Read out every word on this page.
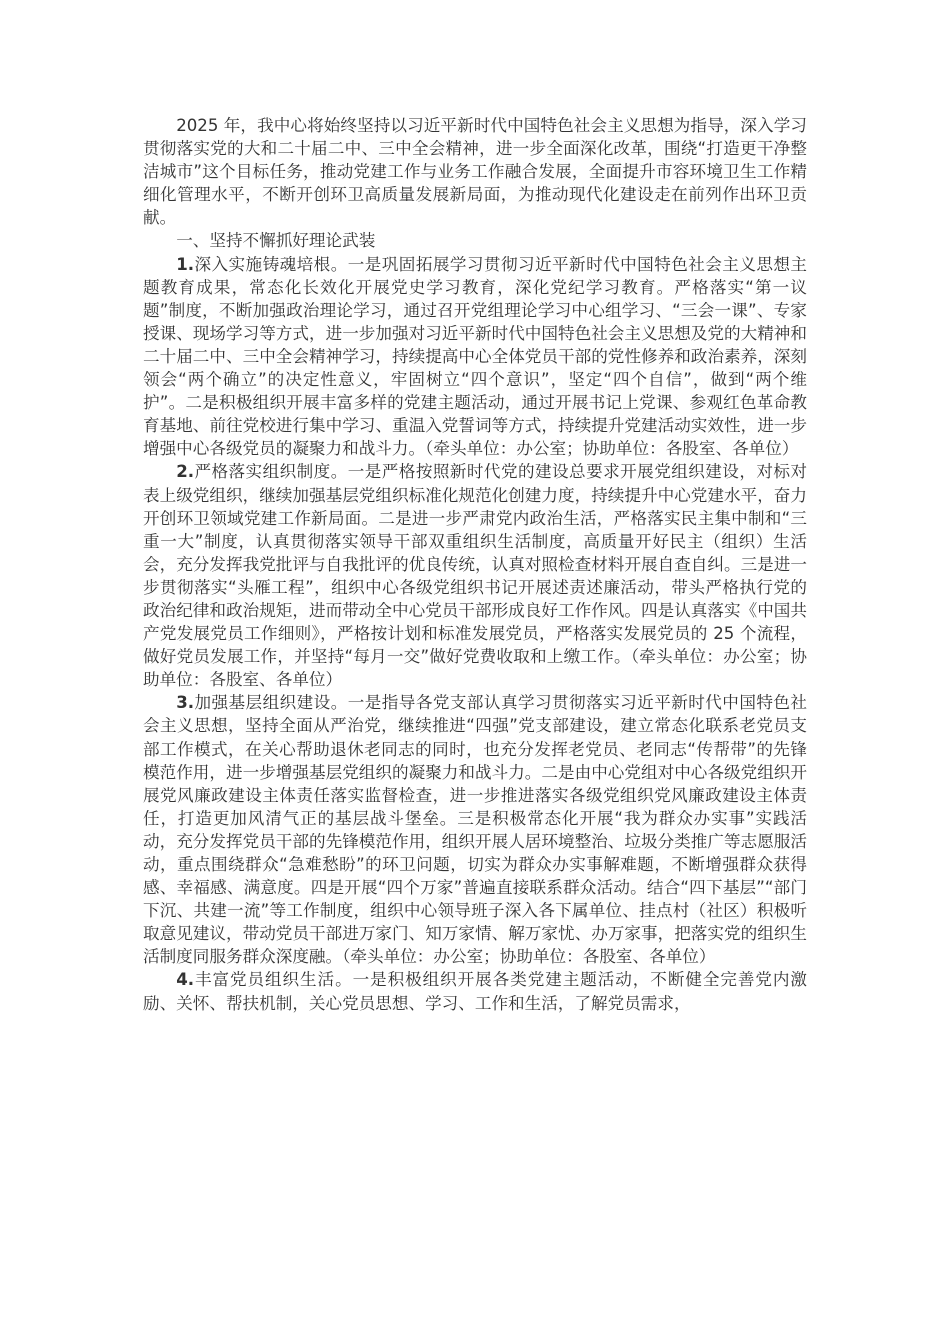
2025 年，我中心将始终坚持以习近平新时代中国特色社会主义思想为指导，深入学习贯彻落实党的大和二十届二中、三中全会精神，进一步全面深化改革，围绕“打造更干净整洁城市”这个目标任务，推动党建工作与业务工作融合发展，全面提升市容环境卫生工作精细化管理水平，不断开创环卫高质量发展新局面，为推动现代化建设走在前列作出环卫贡献。

一、坚持不懈抓好理论武装

1.深入实施铸魂培根。一是巩固拓展学习贯彻习近平新时代中国特色社会主义思想主题教育成果，常态化长效化开展党史学习教育，深化党纪学习教育。严格落实“第一议题”制度，不断加强政治理论学习，通过召开党组理论学习中心组学习、“三会一课”、专家授课、现场学习等方式，进一步加强对习近平新时代中国特色社会主义思想及党的大精神和二十届二中、三中全会精神学习，持续提高中心全体党员干部的党性修养和政治素养，深刻领会“两个确立”的决定性意义，牢固树立“四个意识”，坚定“四个自信”，做到“两个维护”。二是积极组织开展丰富多样的党建主题活动，通过开展书记上党课、参观红色革命教育基地、前往党校进行集中学习、重温入党誓词等方式，持续提升党建活动实效性，进一步增强中心各级党员的凝聚力和战斗力。（牵头单位：办公室；协助单位：各股室、各单位）

2.严格落实组织制度。一是严格按照新时代党的建设总要求开展党组织建设，对标对表上级党组织，继续加强基层党组织标准化规范化创建力度，持续提升中心党建水平，奋力开创环卫领域党建工作新局面。二是进一步严肃党内政治生活，严格落实民主集中制和“三重一大”制度，认真贯彻落实领导干部双重组织生活制度，高质量开好民主（组织）生活会，充分发挥我党批评与自我批评的优良传统，认真对照检查材料开展自查自纠。三是进一步贯彻落实“头雁工程”，组织中心各级党组织书记开展述责述廉活动，带头严格执行党的政治纪律和政治规矩，进而带动全中心党员干部形成良好工作作风。四是认真落实《中国共产党发展党员工作细则》，严格按计划和标准发展党员，严格落实发展党员的 25 个流程，做好党员发展工作，并坚持“每月一交”做好党费收取和上缴工作。（牵头单位：办公室；协助单位：各股室、各单位）

3.加强基层组织建设。一是指导各党支部认真学习贯彻落实习近平新时代中国特色社会主义思想，坚持全面从严治党，继续推进“四强”党支部建设，建立常态化联系老党员支部工作模式，在关心帮助退休老同志的同时，也充分发挥老党员、老同志“传帮带”的先锋模范作用，进一步增强基层党组织的凝聚力和战斗力。二是由中心党组对中心各级党组织开展党风廉政建设主体责任落实监督检查，进一步推进落实各级党组织党风廉政建设主体责任，打造更加风清气正的基层战斗堡垒。三是积极常态化开展“我为群众办实事”实践活动，充分发挥党员干部的先锋模范作用，组织开展人居环境整治、垃圾分类推广等志愿服活动，重点围绕群众“急难愁盼”的环卫问题，切实为群众办实事解难题，不断增强群众获得感、幸福感、满意度。四是开展“四个万家”普遍直接联系群众活动。结合“四下基层”“部门下沉、共建一流”等工作制度，组织中心领导班子深入各下属单位、挂点村（社区）积极听取意见建议，带动党员干部进万家门、知万家情、解万家忧、办万家事，把落实党的组织生活制度同服务群众深度融。（牵头单位：办公室；协助单位：各股室、各单位）

4.丰富党员组织生活。一是积极组织开展各类党建主题活动，不断健全完善党内激励、关怀、帮扶机制，关心党员思想、学习、工作和生活，了解党员需求，
